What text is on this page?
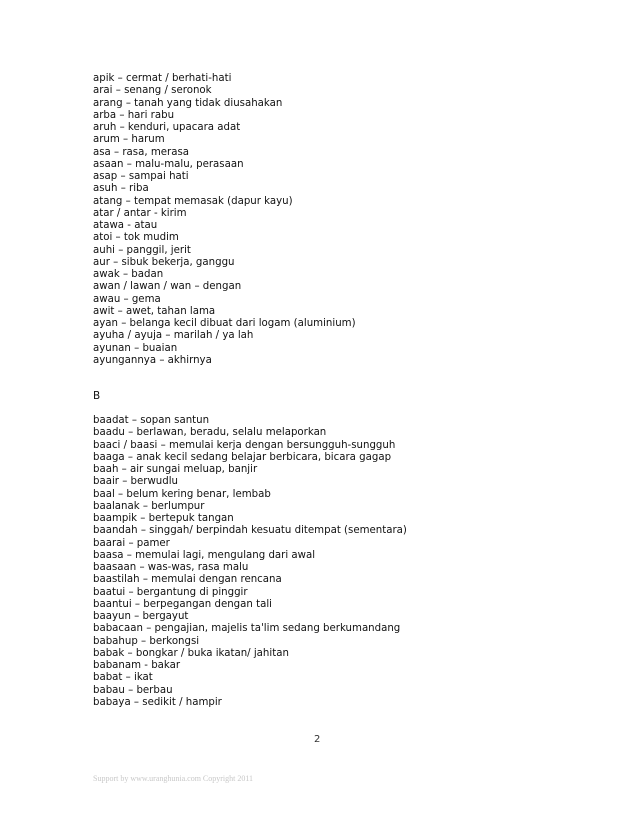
apik – cermat / berhati-hati
arai – senang / seronok
arang – tanah yang tidak diusahakan
arba – hari rabu
aruh – kenduri, upacara adat
arum – harum
asa – rasa, merasa
asaan – malu-malu, perasaan
asap – sampai hati
asuh – riba
atang – tempat memasak (dapur kayu)
atar / antar - kirim
atawa - atau
atoi – tok mudim
auhi – panggil, jerit
aur – sibuk bekerja, ganggu
awak – badan
awan / lawan / wan – dengan
awau – gema
awit – awet, tahan lama
ayan – belanga kecil dibuat dari logam (aluminium)
ayuha / ayuja – marilah / ya lah
ayunan – buaian
ayungannya – akhirnya
B
baadat – sopan santun
baadu – berlawan, beradu, selalu melaporkan
baaci / baasi – memulai kerja dengan bersungguh-sungguh
baaga – anak kecil sedang belajar berbicara, bicara gagap
baah – air sungai meluap, banjir
baair – berwudlu
baal – belum kering benar, lembab
baalanak – berlumpur
baampik – bertepuk tangan
baandah – singgah/ berpindah kesuatu ditempat (sementara)
baarai – pamer
baasa – memulai lagi, mengulang dari awal
baasaan – was-was, rasa malu
baastilah – memulai dengan rencana
baatui – bergantung di pinggir
baantui – berpegangan dengan tali
baayun – bergayut
babacaan – pengajian, majelis ta'lim sedang berkumandang
babahup – berkongsi
babak – bongkar / buka ikatan/ jahitan
babanam - bakar
babat – ikat
babau – berbau
babaya – sedikit / hampir
2
Support by www.uranghunia.com Copyright 2011
